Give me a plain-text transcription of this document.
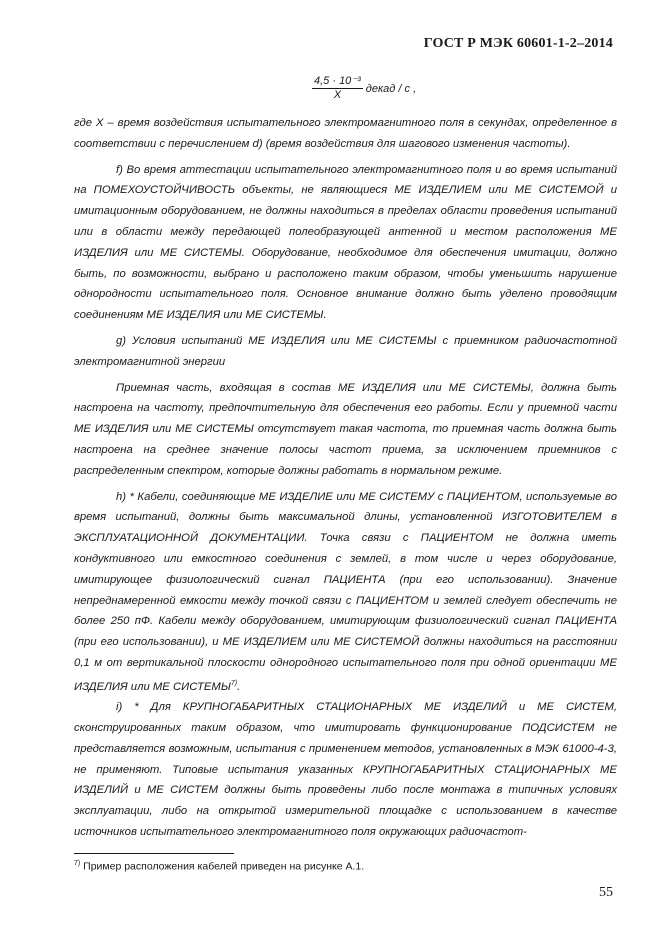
ГОСТ Р МЭК 60601-1-2–2014
$\frac{\text{4,5 · 10⁻³}}{X}$ декад / с ,

где X – время воздействия испытательного электромагнитного поля в секундах, определенное в соответствии с перечислением d) (время воздействия для шагового изменения частоты).

f) Во время аттестации испытательного электромагнитного поля и во время испытаний на ПОМЕХОУСТОЙЧИВОСТЬ объекты, не являющиеся МЕ ИЗДЕЛИЕМ или МЕ СИСТЕМОЙ и имитационным оборудованием, не должны находиться в пределах области проведения испытаний или в области между передающей полеобразующей антенной и местом расположения МЕ ИЗДЕЛИЯ или МЕ СИСТЕМЫ. Оборудование, необходимое для обеспечения имитации, должно быть, по возможности, выбрано и расположено таким образом, чтобы уменьшить нарушение однородности испытательного поля. Основное внимание должно быть уделено проводящим соединениям МЕ ИЗДЕЛИЯ или МЕ СИСТЕМЫ.

g) Условия испытаний МЕ ИЗДЕЛИЯ или МЕ СИСТЕМЫ с приемником радиочастотной электромагнитной энергии

Приемная часть, входящая в состав МЕ ИЗДЕЛИЯ или МЕ СИСТЕМЫ, должна быть настроена на частоту, предпочтительную для обеспечения его работы. Если у приемной части МЕ ИЗДЕЛИЯ или МЕ СИСТЕМЫ отсутствует такая частота, то приемная часть должна быть настроена на среднее значение полосы частот приема, за исключением приемников с распределенным спектром, которые должны работать в нормальном режиме.

h) * Кабели, соединяющие МЕ ИЗДЕЛИЕ или МЕ СИСТЕМУ с ПАЦИЕНТОМ, используемые во время испытаний, должны быть максимальной длины, установленной ИЗГОТОВИТЕЛЕМ в ЭКСПЛУАТАЦИОННОЙ ДОКУМЕНТАЦИИ. Точка связи с ПАЦИЕНТОМ не должна иметь кондуктивного или емкостного соединения с землей, в том числе и через оборудование, имитирующее физиологический сигнал ПАЦИЕНТА (при его использовании). Значение непреднамеренной емкости между точкой связи с ПАЦИЕНТОМ и землей следует обеспечить не более 250 пФ. Кабели между оборудованием, имитирующим физиологический сигнал ПАЦИЕНТА (при его использовании), и МЕ ИЗДЕЛИЕМ или МЕ СИСТЕМОЙ должны находиться на расстоянии 0,1 м от вертикальной плоскости однородного испытательного поля при одной ориентации МЕ ИЗДЕЛИЯ или МЕ СИСТЕМЫ$^{7)}$.

i) * Для КРУПНОГАБАРИТНЫХ СТАЦИОНАРНЫХ МЕ ИЗДЕЛИЙ и МЕ СИСТЕМ, сконструированных таким образом, что имитировать функционирование ПОДСИСТЕМ не представляется возможным, испытания с применением методов, установленных в МЭК 61000-4-3, не применяют. Типовые испытания указанных КРУПНОГАБАРИТНЫХ СТАЦИОНАРНЫХ МЕ ИЗДЕЛИЙ и МЕ СИСТЕМ должны быть проведены либо после монтажа в типичных условиях эксплуатации, либо на открытой измерительной площадке с использованием в качестве источников испытательного электромагнитного поля окружающих радиочастот-

$^{7)}$ Пример расположения кабелей приведен на рисунке А.1.
55
